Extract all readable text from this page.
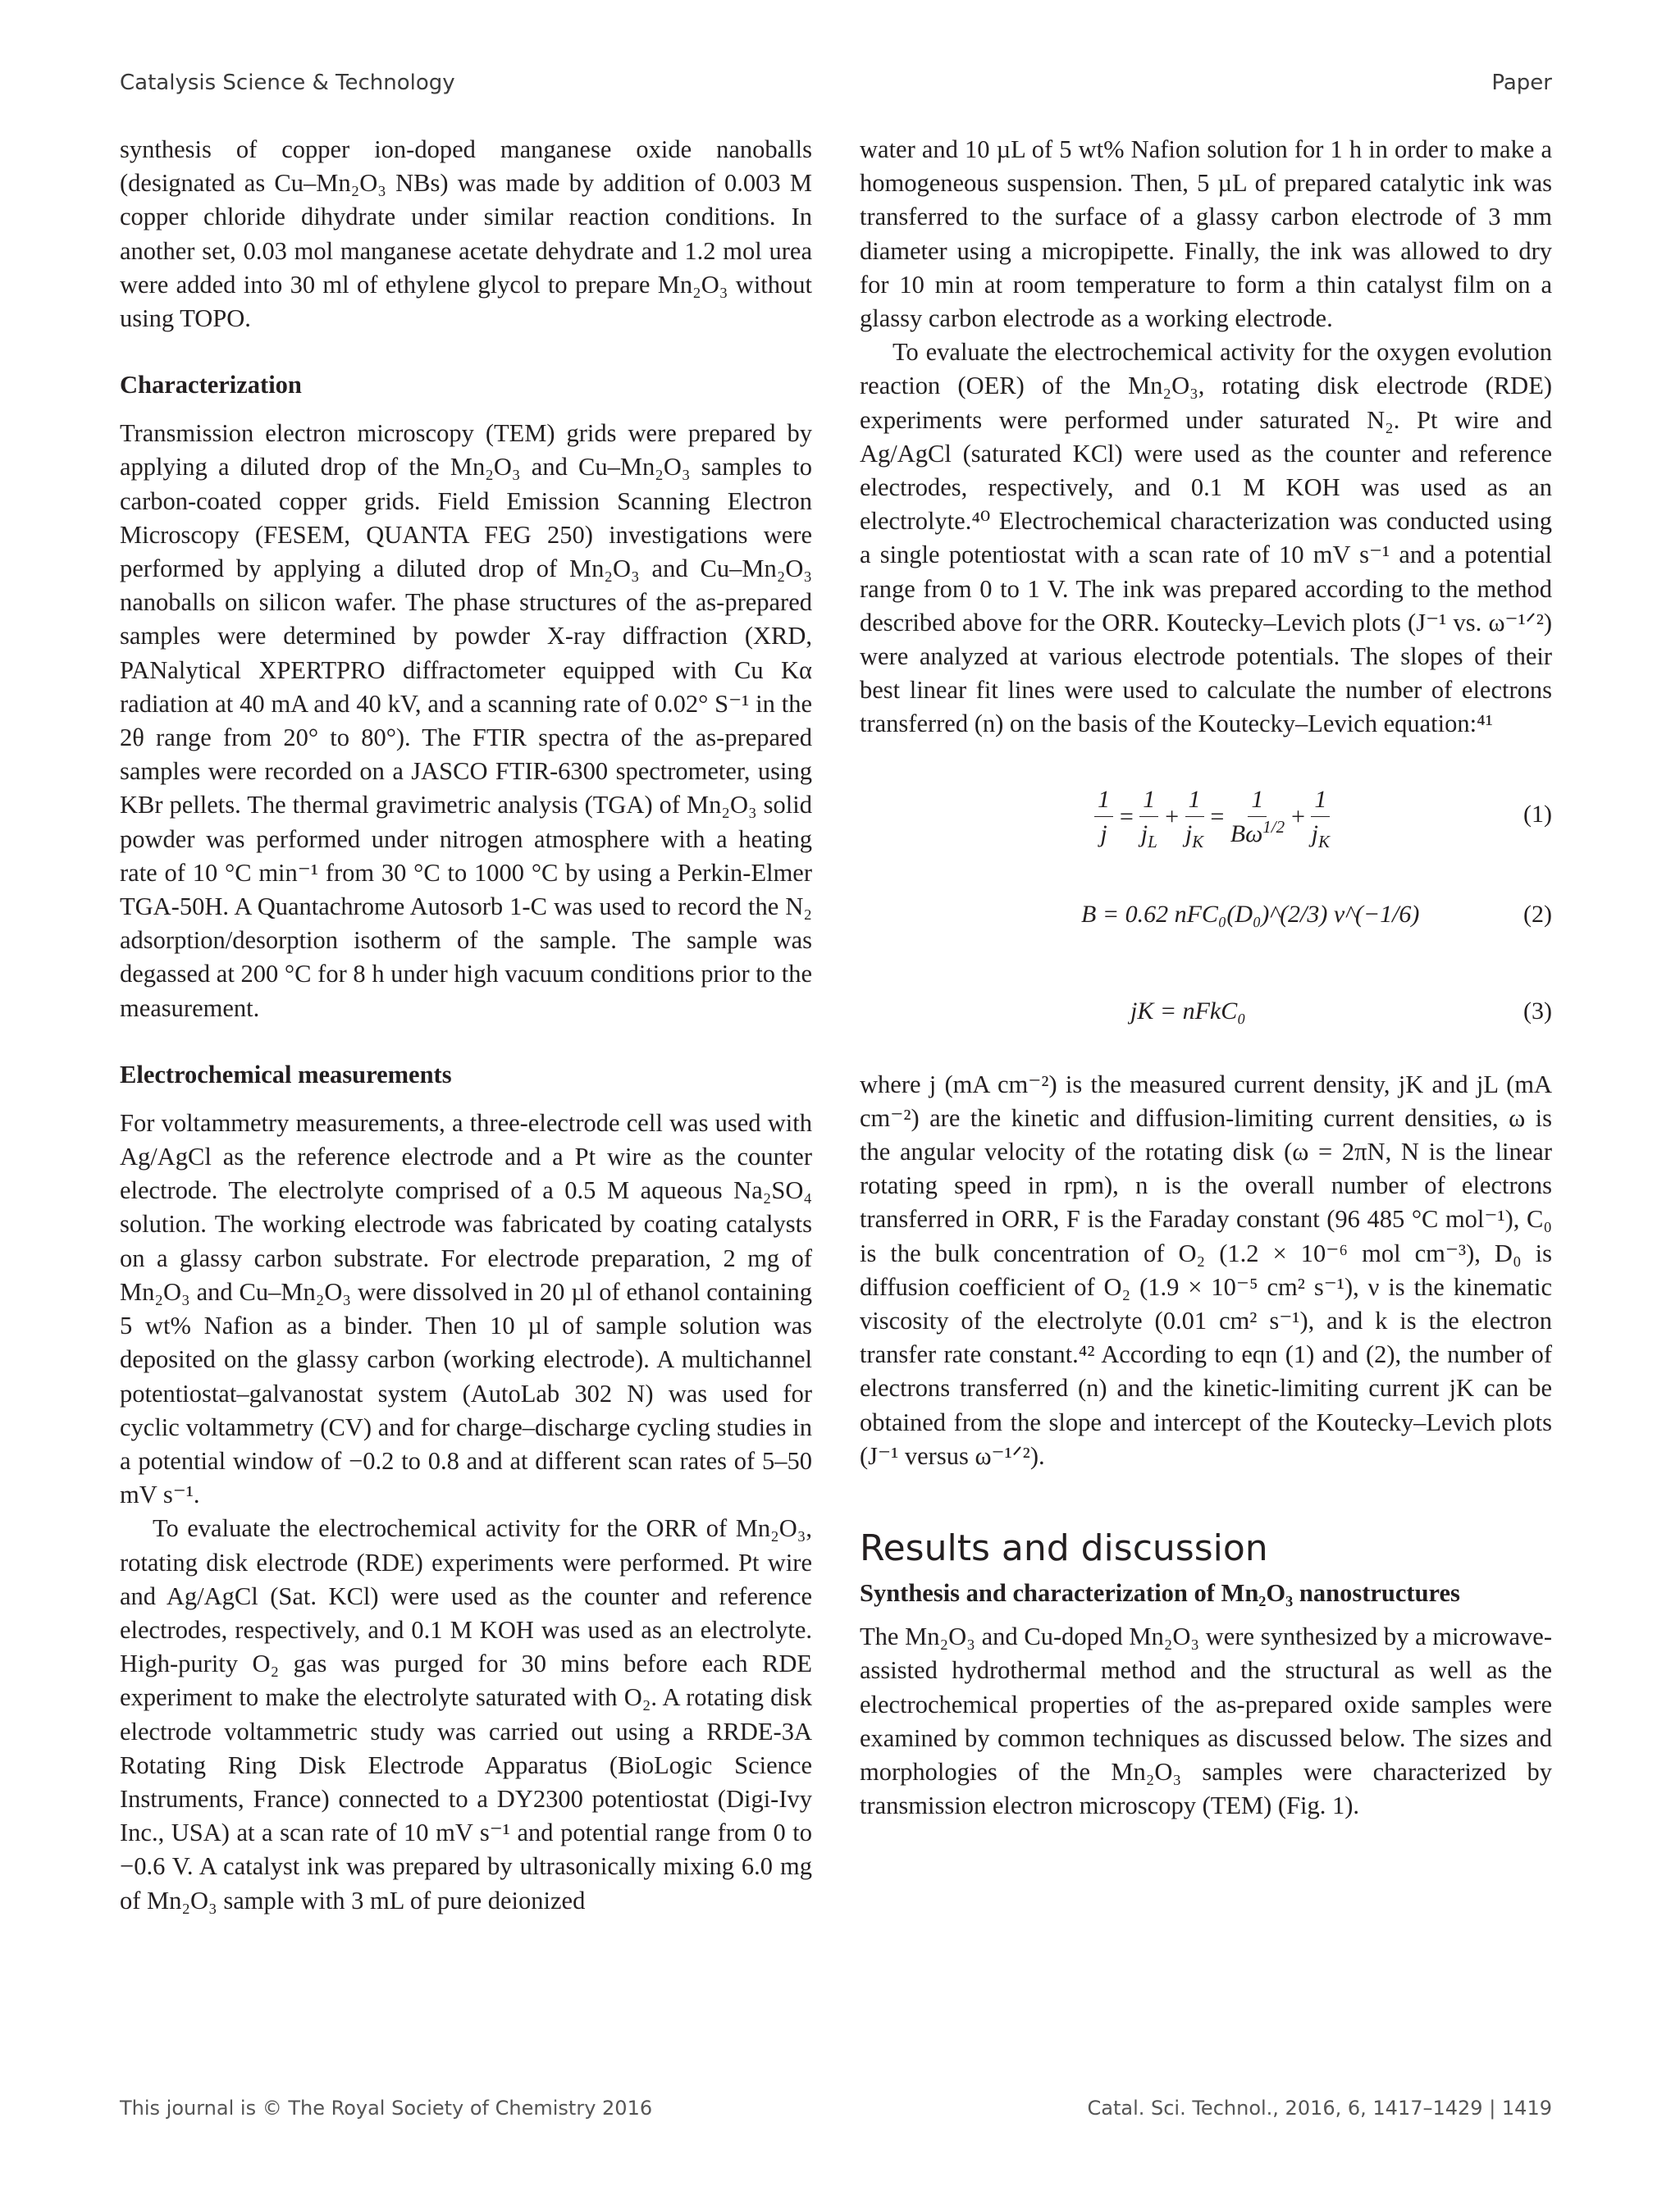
Catalysis Science & Technology	Paper

synthesis of copper ion-doped manganese oxide nanoballs (designated as Cu–Mn₂O₃ NBs) was made by addition of 0.003 M copper chloride dihydrate under similar reaction conditions. In another set, 0.03 mol manganese acetate dehydrate and 1.2 mol urea were added into 30 ml of ethylene glycol to prepare Mn₂O₃ without using TOPO.

Characterization

Transmission electron microscopy (TEM) grids were prepared by applying a diluted drop of the Mn₂O₃ and Cu–Mn₂O₃ samples to carbon-coated copper grids. Field Emission Scanning Electron Microscopy (FESEM, QUANTA FEG 250) investigations were performed by applying a diluted drop of Mn₂O₃ and Cu–Mn₂O₃ nanoballs on silicon wafer. The phase structures of the as-prepared samples were determined by powder X-ray diffraction (XRD, PANalytical XPERTPRO diffractometer equipped with Cu Kα radiation at 40 mA and 40 kV, and a scanning rate of 0.02° S⁻¹ in the 2θ range from 20° to 80°). The FTIR spectra of the as-prepared samples were recorded on a JASCO FTIR-6300 spectrometer, using KBr pellets. The thermal gravimetric analysis (TGA) of Mn₂O₃ solid powder was performed under nitrogen atmosphere with a heating rate of 10 °C min⁻¹ from 30 °C to 1000 °C by using a Perkin-Elmer TGA-50H. A Quantachrome Autosorb 1-C was used to record the N₂ adsorption/desorption isotherm of the sample. The sample was degassed at 200 °C for 8 h under high vacuum conditions prior to the measurement.

Electrochemical measurements

For voltammetry measurements, a three-electrode cell was used with Ag/AgCl as the reference electrode and a Pt wire as the counter electrode. The electrolyte comprised of a 0.5 M aqueous Na₂SO₄ solution. The working electrode was fabricated by coating catalysts on a glassy carbon substrate. For electrode preparation, 2 mg of Mn₂O₃ and Cu–Mn₂O₃ were dissolved in 20 µl of ethanol containing 5 wt% Nafion as a binder. Then 10 µl of sample solution was deposited on the glassy carbon (working electrode). A multichannel potentiostat–galvanostat system (AutoLab 302 N) was used for cyclic voltammetry (CV) and for charge–discharge cycling studies in a potential window of −0.2 to 0.8 and at different scan rates of 5–50 mV s⁻¹.

To evaluate the electrochemical activity for the ORR of Mn₂O₃, rotating disk electrode (RDE) experiments were performed. Pt wire and Ag/AgCl (Sat. KCl) were used as the counter and reference electrodes, respectively, and 0.1 M KOH was used as an electrolyte. High-purity O₂ gas was purged for 30 mins before each RDE experiment to make the electrolyte saturated with O₂. A rotating disk electrode voltammetric study was carried out using a RRDE-3A Rotating Ring Disk Electrode Apparatus (BioLogic Science Instruments, France) connected to a DY2300 potentiostat (Digi-Ivy Inc., USA) at a scan rate of 10 mV s⁻¹ and potential range from 0 to −0.6 V. A catalyst ink was prepared by ultrasonically mixing 6.0 mg of Mn₂O₃ sample with 3 mL of pure deionized

water and 10 µL of 5 wt% Nafion solution for 1 h in order to make a homogeneous suspension. Then, 5 µL of prepared catalytic ink was transferred to the surface of a glassy carbon electrode of 3 mm diameter using a micropipette. Finally, the ink was allowed to dry for 10 min at room temperature to form a thin catalyst film on a glassy carbon electrode as a working electrode.

To evaluate the electrochemical activity for the oxygen evolution reaction (OER) of the Mn₂O₃, rotating disk electrode (RDE) experiments were performed under saturated N₂. Pt wire and Ag/AgCl (saturated KCl) were used as the counter and reference electrodes, respectively, and 0.1 M KOH was used as an electrolyte.⁴⁰ Electrochemical characterization was conducted using a single potentiostat with a scan rate of 10 mV s⁻¹ and a potential range from 0 to 1 V. The ink was prepared according to the method described above for the ORR. Koutecky–Levich plots (J⁻¹ vs. ω⁻¹ᐟ²) were analyzed at various electrode potentials. The slopes of their best linear fit lines were used to calculate the number of electrons transferred (n) on the basis of the Koutecky–Levich equation:⁴¹

$\frac{1}{j} = \frac{1}{j_L} + \frac{1}{j_K} = \frac{1}{B\omega^{1/2}} + \frac{1}{j_K}$	(1)
B = 0.62 nFC₀(D₀)^(2/3) ν^(−1/6)	(2)
jK = nFkC₀	(3)

where j (mA cm⁻²) is the measured current density, jK and jL (mA cm⁻²) are the kinetic and diffusion-limiting current densities, ω is the angular velocity of the rotating disk (ω = 2πN, N is the linear rotating speed in rpm), n is the overall number of electrons transferred in ORR, F is the Faraday constant (96 485 °C mol⁻¹), C₀ is the bulk concentration of O₂ (1.2 × 10⁻⁶ mol cm⁻³), D₀ is diffusion coefficient of O₂ (1.9 × 10⁻⁵ cm² s⁻¹), ν is the kinematic viscosity of the electrolyte (0.01 cm² s⁻¹), and k is the electron transfer rate constant.⁴² According to eqn (1) and (2), the number of electrons transferred (n) and the kinetic-limiting current jK can be obtained from the slope and intercept of the Koutecky–Levich plots (J⁻¹ versus ω⁻¹ᐟ²).

Results and discussion

Synthesis and characterization of Mn₂O₃ nanostructures

The Mn₂O₃ and Cu-doped Mn₂O₃ were synthesized by a microwave-assisted hydrothermal method and the structural as well as the electrochemical properties of the as-prepared oxide samples were examined by common techniques as discussed below. The sizes and morphologies of the Mn₂O₃ samples were characterized by transmission electron microscopy (TEM) (Fig. 1).

This journal is © The Royal Society of Chemistry 2016	Catal. Sci. Technol., 2016, 6, 1417–1429 | 1419
